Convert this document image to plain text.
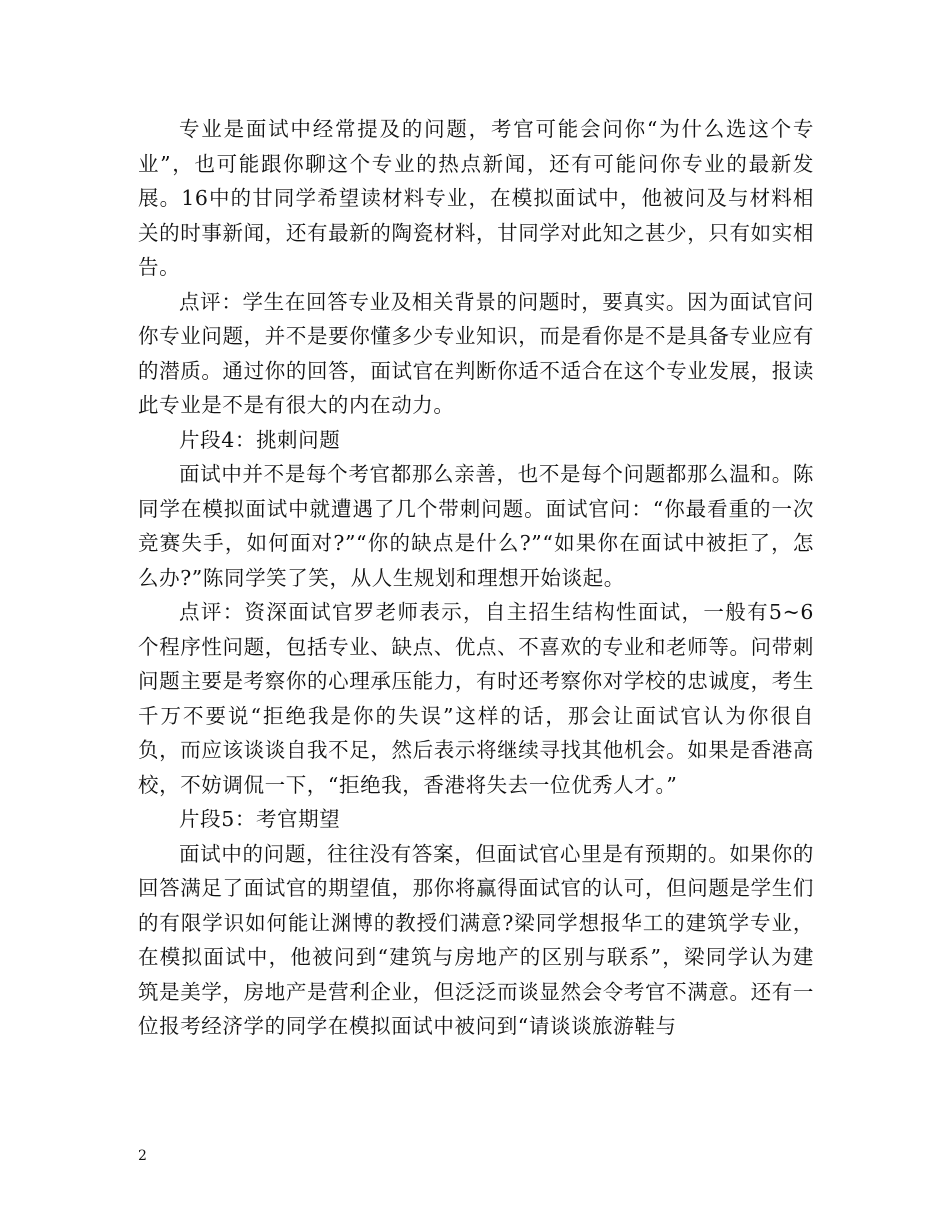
专业是面试中经常提及的问题，考官可能会问你“为什么选这个专业”，也可能跟你聊这个专业的热点新闻，还有可能问你专业的最新发展。16中的甘同学希望读材料专业，在模拟面试中，他被问及与材料相关的时事新闻，还有最新的陶瓷材料，甘同学对此知之甚少，只有如实相告。

点评：学生在回答专业及相关背景的问题时，要真实。因为面试官问你专业问题，并不是要你懂多少专业知识，而是看你是不是具备专业应有的潜质。通过你的回答，面试官在判断你适不适合在这个专业发展，报读此专业是不是有很大的内在动力。

片段4：挑刺问题

面试中并不是每个考官都那么亲善，也不是每个问题都那么温和。陈同学在模拟面试中就遭遇了几个带刺问题。面试官问：“你最看重的一次竞赛失手，如何面对?”“你的缺点是什么?”“如果你在面试中被拒了，怎么办?”陈同学笑了笑，从人生规划和理想开始谈起。

点评：资深面试官罗老师表示，自主招生结构性面试，一般有5~6个程序性问题，包括专业、缺点、优点、不喜欢的专业和老师等。问带刺问题主要是考察你的心理承压能力，有时还考察你对学校的忠诚度，考生千万不要说“拒绝我是你的失误”这样的话，那会让面试官认为你很自负，而应该谈谈自我不足，然后表示将继续寻找其他机会。如果是香港高校，不妨调侃一下，“拒绝我，香港将失去一位优秀人才。”

片段5：考官期望

面试中的问题，往往没有答案，但面试官心里是有预期的。如果你的回答满足了面试官的期望值，那你将赢得面试官的认可，但问题是学生们的有限学识如何能让渊博的教授们满意?梁同学想报华工的建筑学专业，在模拟面试中，他被问到“建筑与房地产的区别与联系”，梁同学认为建筑是美学，房地产是营利企业，但泛泛而谈显然会令考官不满意。还有一位报考经济学的同学在模拟面试中被问到“请谈谈旅游鞋与

2
